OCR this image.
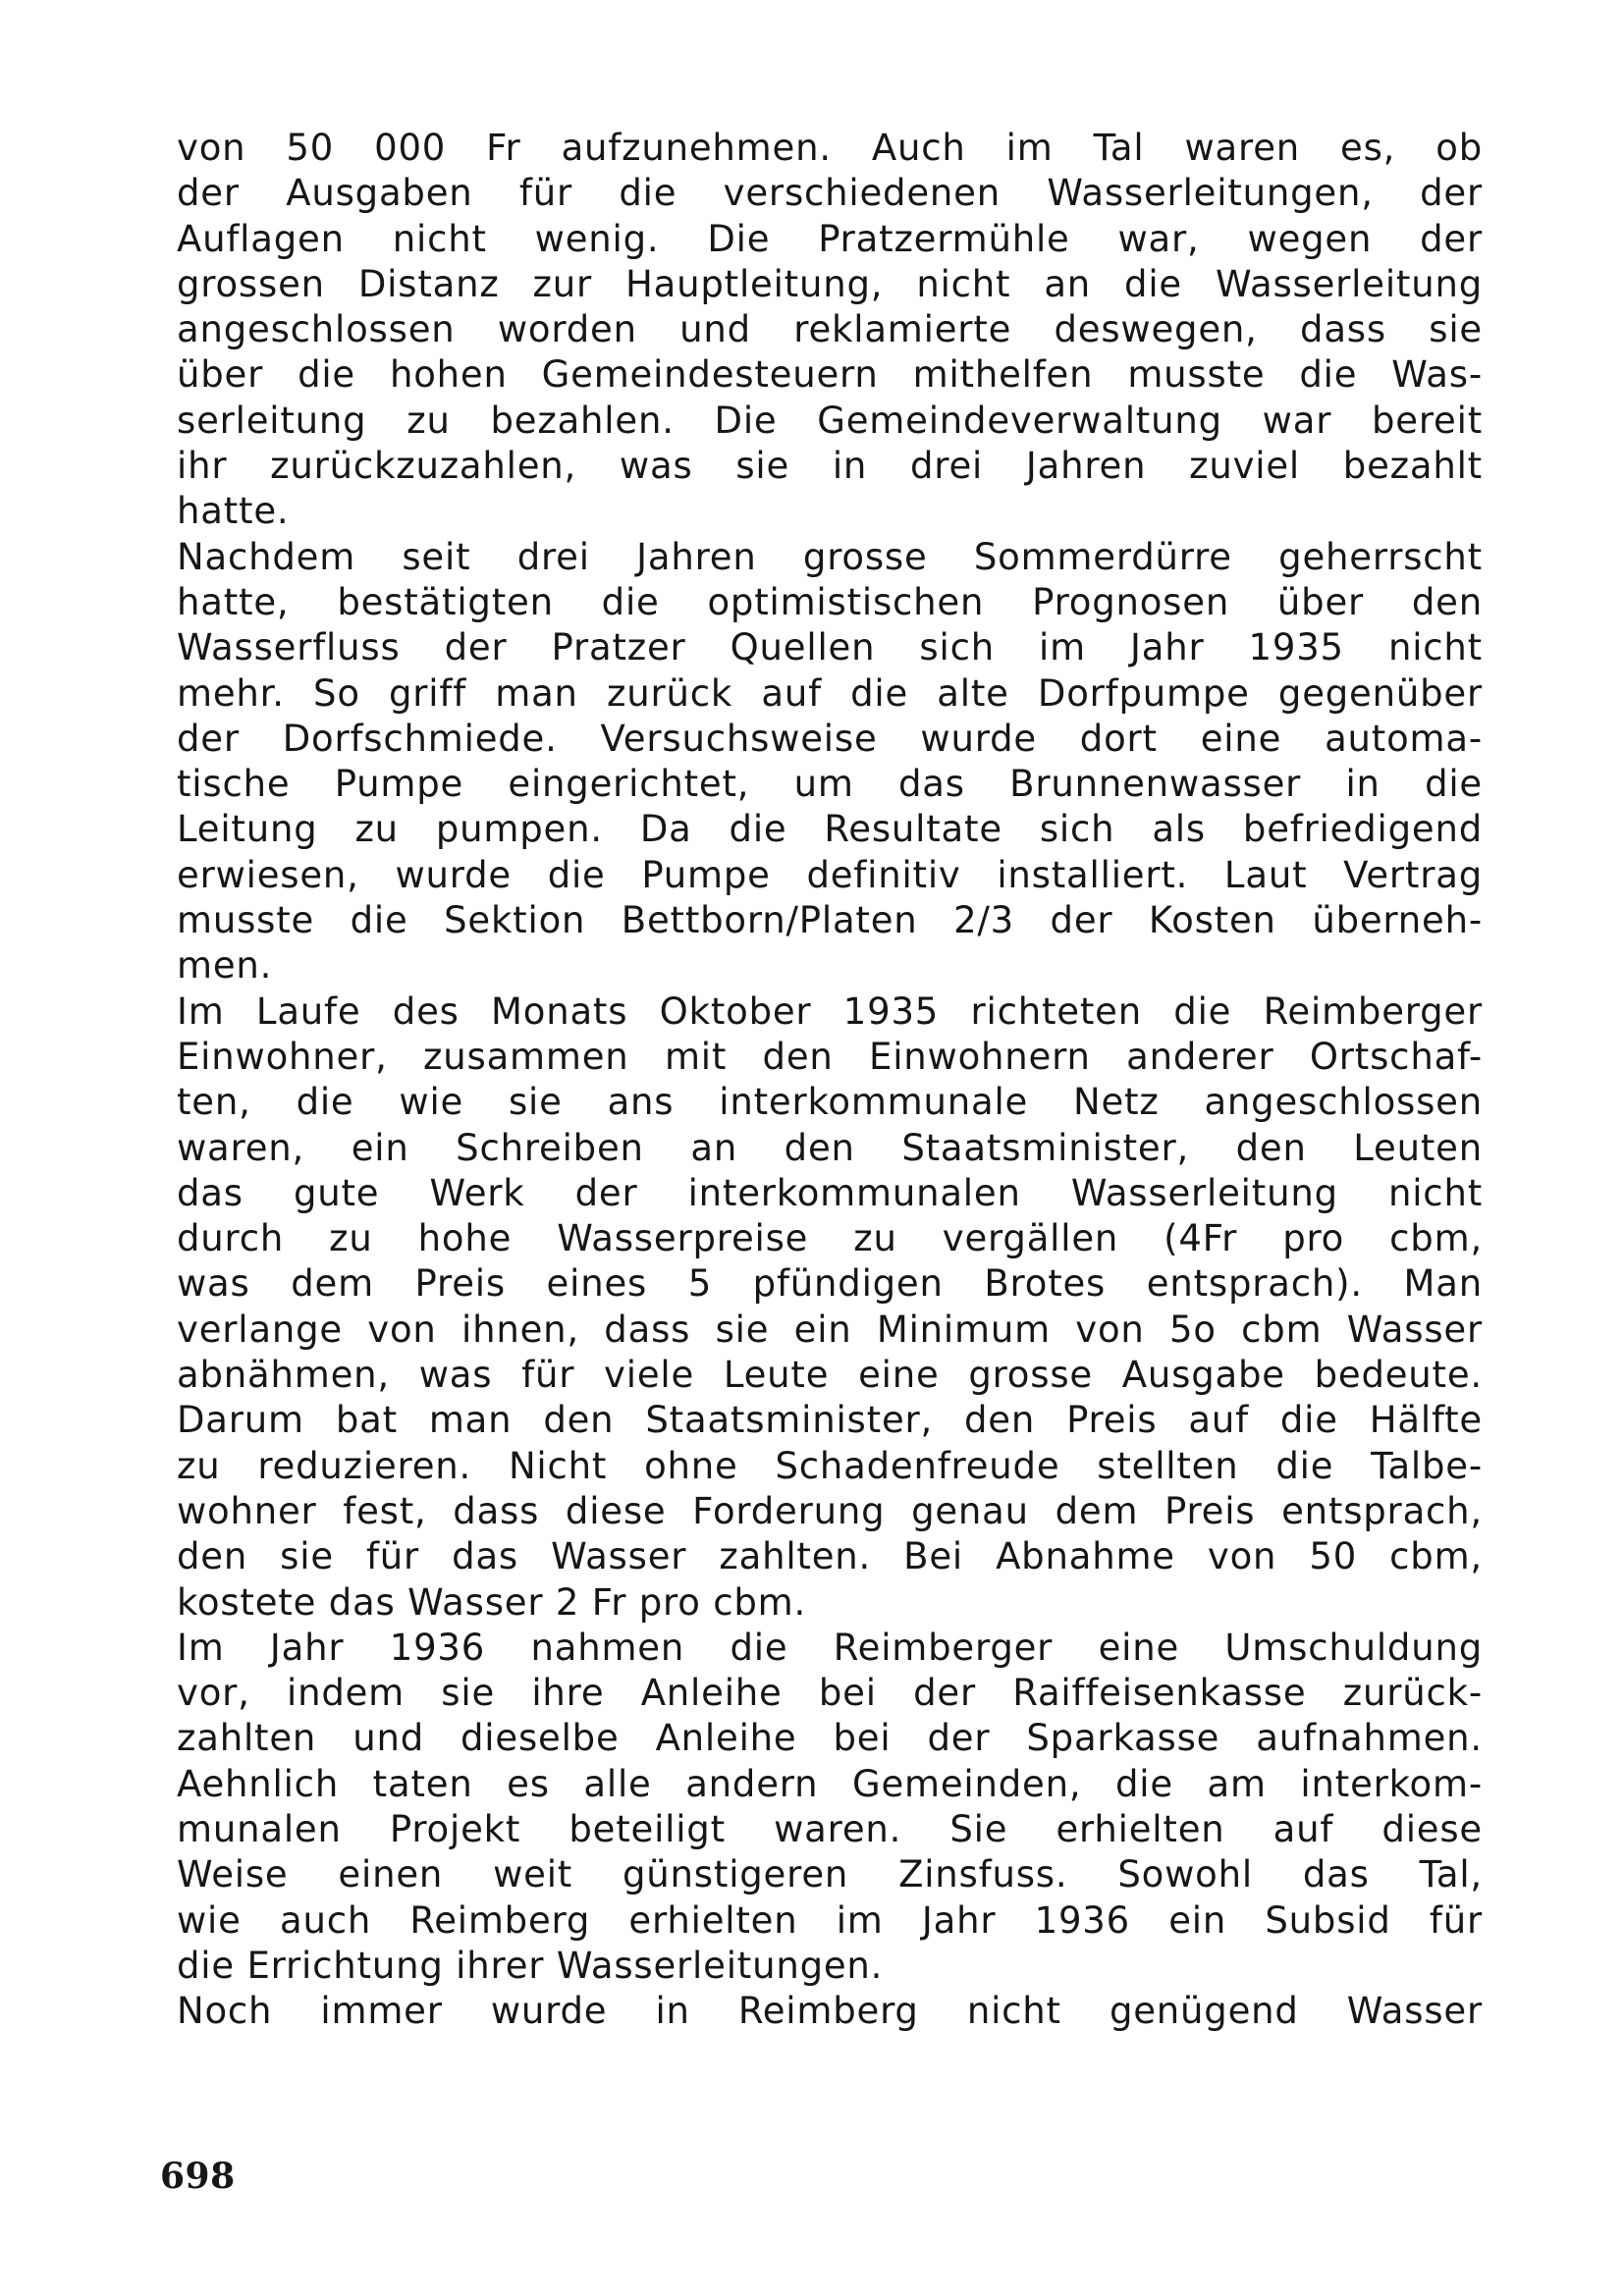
von 50 000 Fr aufzunehmen. Auch im Tal waren es, ob
der Ausgaben für die verschiedenen Wasserleitungen, der
Auflagen nicht wenig. Die Pratzermühle war, wegen der
grossen Distanz zur Hauptleitung, nicht an die Wasserleitung
angeschlossen worden und reklamierte deswegen, dass sie
über die hohen Gemeindesteuern mithelfen musste die Was-
serleitung zu bezahlen. Die Gemeindeverwaltung war bereit
ihr zurückzuzahlen, was sie in drei Jahren zuviel bezahlt
hatte.
Nachdem seit drei Jahren grosse Sommerdürre geherrscht
hatte, bestätigten die optimistischen Prognosen über den
Wasserfluss der Pratzer Quellen sich im Jahr 1935 nicht
mehr. So griff man zurück auf die alte Dorfpumpe gegenüber
der Dorfschmiede. Versuchsweise wurde dort eine automa-
tische Pumpe eingerichtet, um das Brunnenwasser in die
Leitung zu pumpen. Da die Resultate sich als befriedigend
erwiesen, wurde die Pumpe definitiv installiert. Laut Vertrag
musste die Sektion Bettborn/Platen 2/3 der Kosten überneh-
men.
Im Laufe des Monats Oktober 1935 richteten die Reimberger
Einwohner, zusammen mit den Einwohnern anderer Ortschaf-
ten, die wie sie ans interkommunale Netz angeschlossen
waren, ein Schreiben an den Staatsminister, den Leuten
das gute Werk der interkommunalen Wasserleitung nicht
durch zu hohe Wasserpreise zu vergällen (4Fr pro cbm,
was dem Preis eines 5 pfündigen Brotes entsprach). Man
verlange von ihnen, dass sie ein Minimum von 5o cbm Wasser
abnähmen, was für viele Leute eine grosse Ausgabe bedeute.
Darum bat man den Staatsminister, den Preis auf die Hälfte
zu reduzieren. Nicht ohne Schadenfreude stellten die Talbe-
wohner fest, dass diese Forderung genau dem Preis entsprach,
den sie für das Wasser zahlten. Bei Abnahme von 50 cbm,
kostete das Wasser 2 Fr pro cbm.
Im Jahr 1936 nahmen die Reimberger eine Umschuldung
vor, indem sie ihre Anleihe bei der Raiffeisenkasse zurück-
zahlten und dieselbe Anleihe bei der Sparkasse aufnahmen.
Aehnlich taten es alle andern Gemeinden, die am interkom-
munalen Projekt beteiligt waren. Sie erhielten auf diese
Weise einen weit günstigeren Zinsfuss. Sowohl das Tal,
wie auch Reimberg erhielten im Jahr 1936 ein Subsid für
die Errichtung ihrer Wasserleitungen.
Noch immer wurde in Reimberg nicht genügend Wasser
698
